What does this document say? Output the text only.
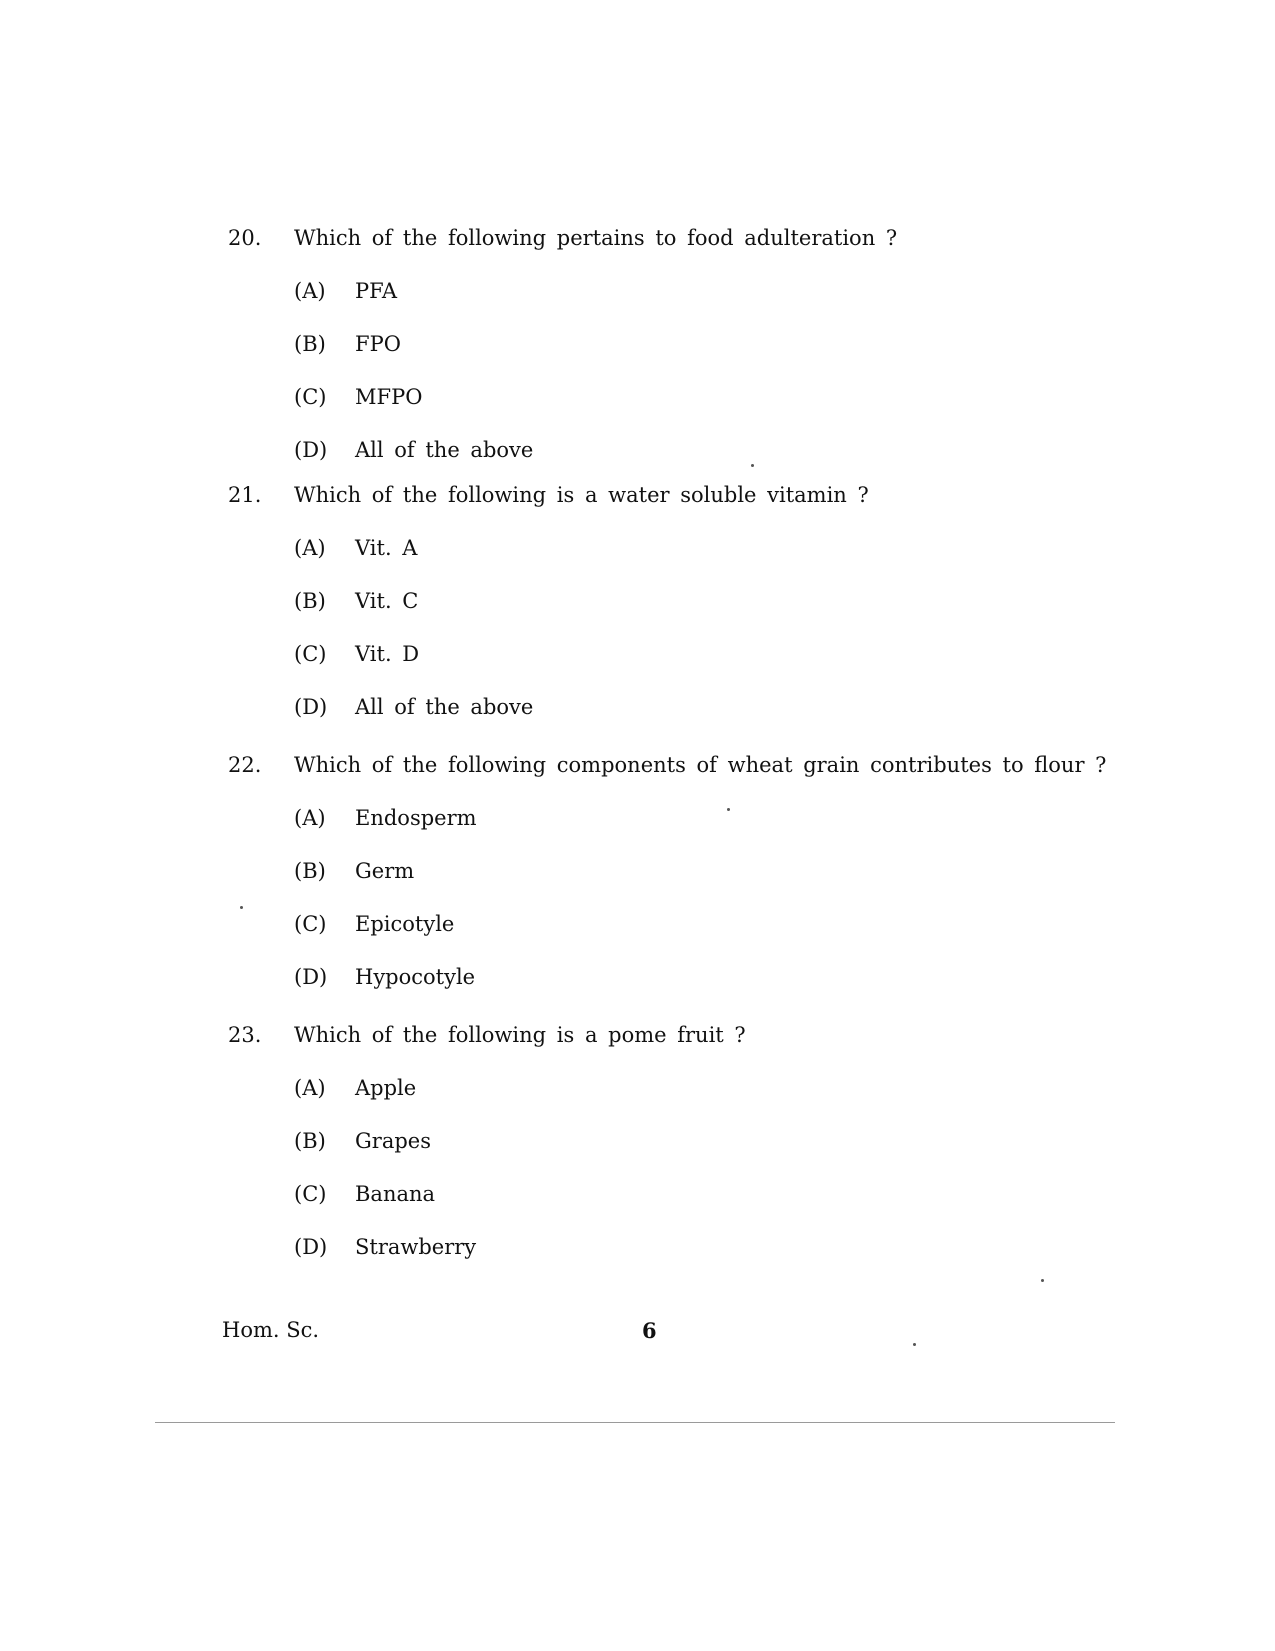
20.	Which of the following pertains to food adulteration ?
(A) PFA
(B) FPO
(C) MFPO
(D) All of the above
21.	Which of the following is a water soluble vitamin ?
(A) Vit. A
(B) Vit. C
(C) Vit. D
(D) All of the above
22.	Which of the following components of wheat grain contributes to flour ?
(A) Endosperm
(B) Germ
(C) Epicotyle
(D) Hypocotyle
23.	Which of the following is a pome fruit ?
(A) Apple
(B) Grapes
(C) Banana
(D) Strawberry
Hom. Sc.	6
